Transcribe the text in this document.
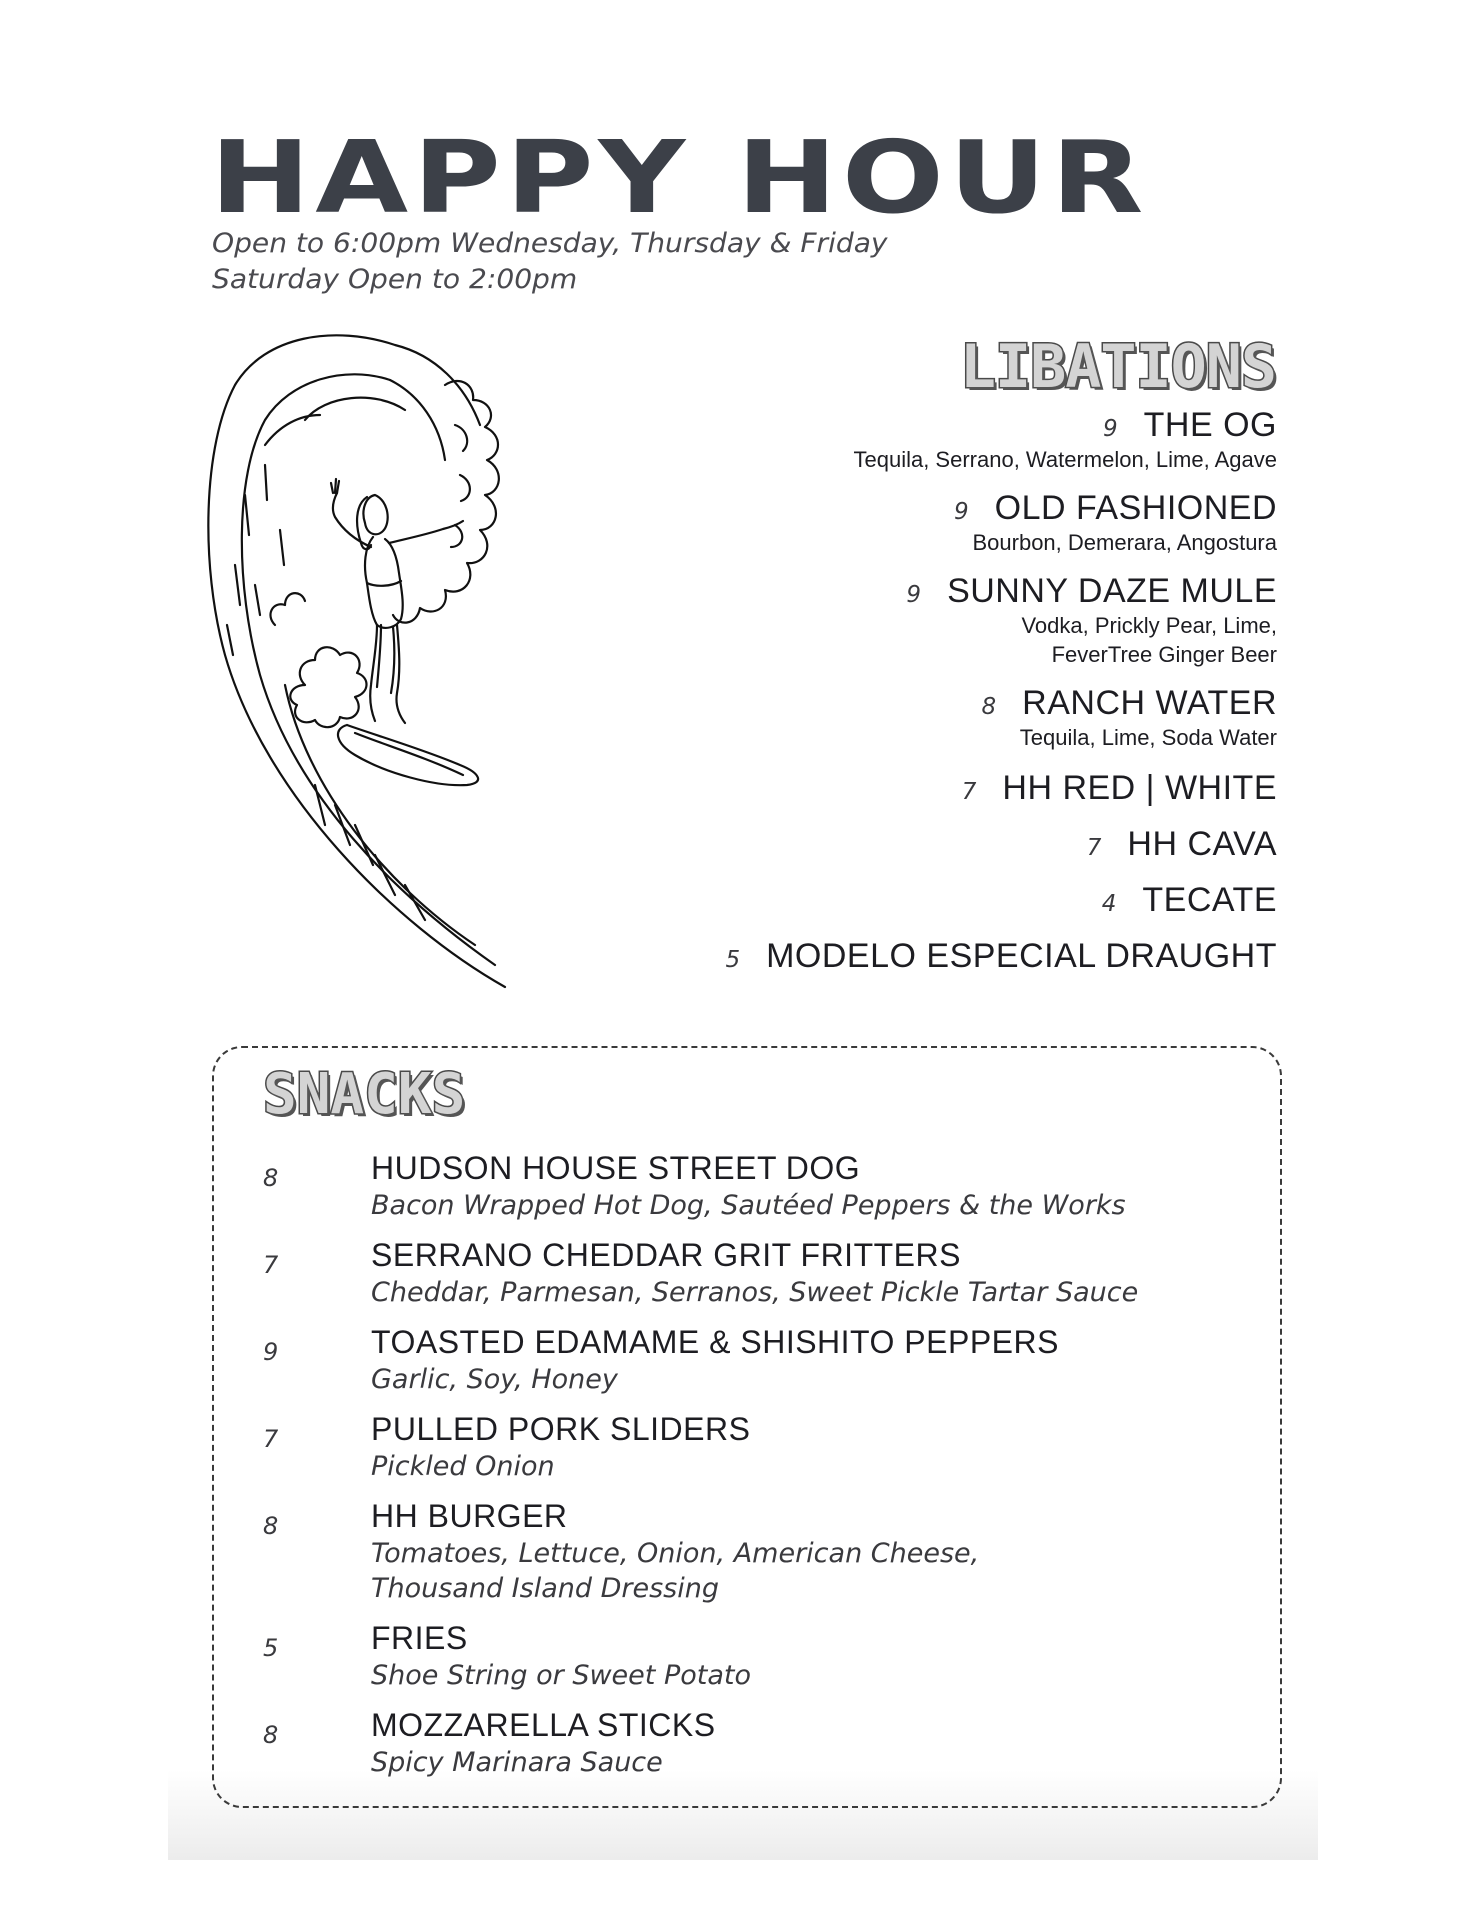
HAPPY HOUR
Open to 6:00pm Wednesday, Thursday & Friday
Saturday Open to 2:00pm
LIBATIONS
9 THE OG
Tequila, Serrano, Watermelon, Lime, Agave
9 OLD FASHIONED
Bourbon, Demerara, Angostura
9 SUNNY DAZE MULE
Vodka, Prickly Pear, Lime,
FeverTree Ginger Beer
8 RANCH WATER
Tequila, Lime, Soda Water
7 HH RED | WHITE
7 HH CAVA
4 TECATE
5 MODELO ESPECIAL DRAUGHT
SNACKS
8	HUDSON HOUSE STREET DOG
Bacon Wrapped Hot Dog, Sautéed Peppers & the Works
7	SERRANO CHEDDAR GRIT FRITTERS
Cheddar, Parmesan, Serranos, Sweet Pickle Tartar Sauce
9	TOASTED EDAMAME & SHISHITO PEPPERS
Garlic, Soy, Honey
7	PULLED PORK SLIDERS
Pickled Onion
8	HH BURGER
Tomatoes, Lettuce, Onion, American Cheese,
Thousand Island Dressing
5	FRIES
Shoe String or Sweet Potato
8	MOZZARELLA STICKS
Spicy Marinara Sauce
